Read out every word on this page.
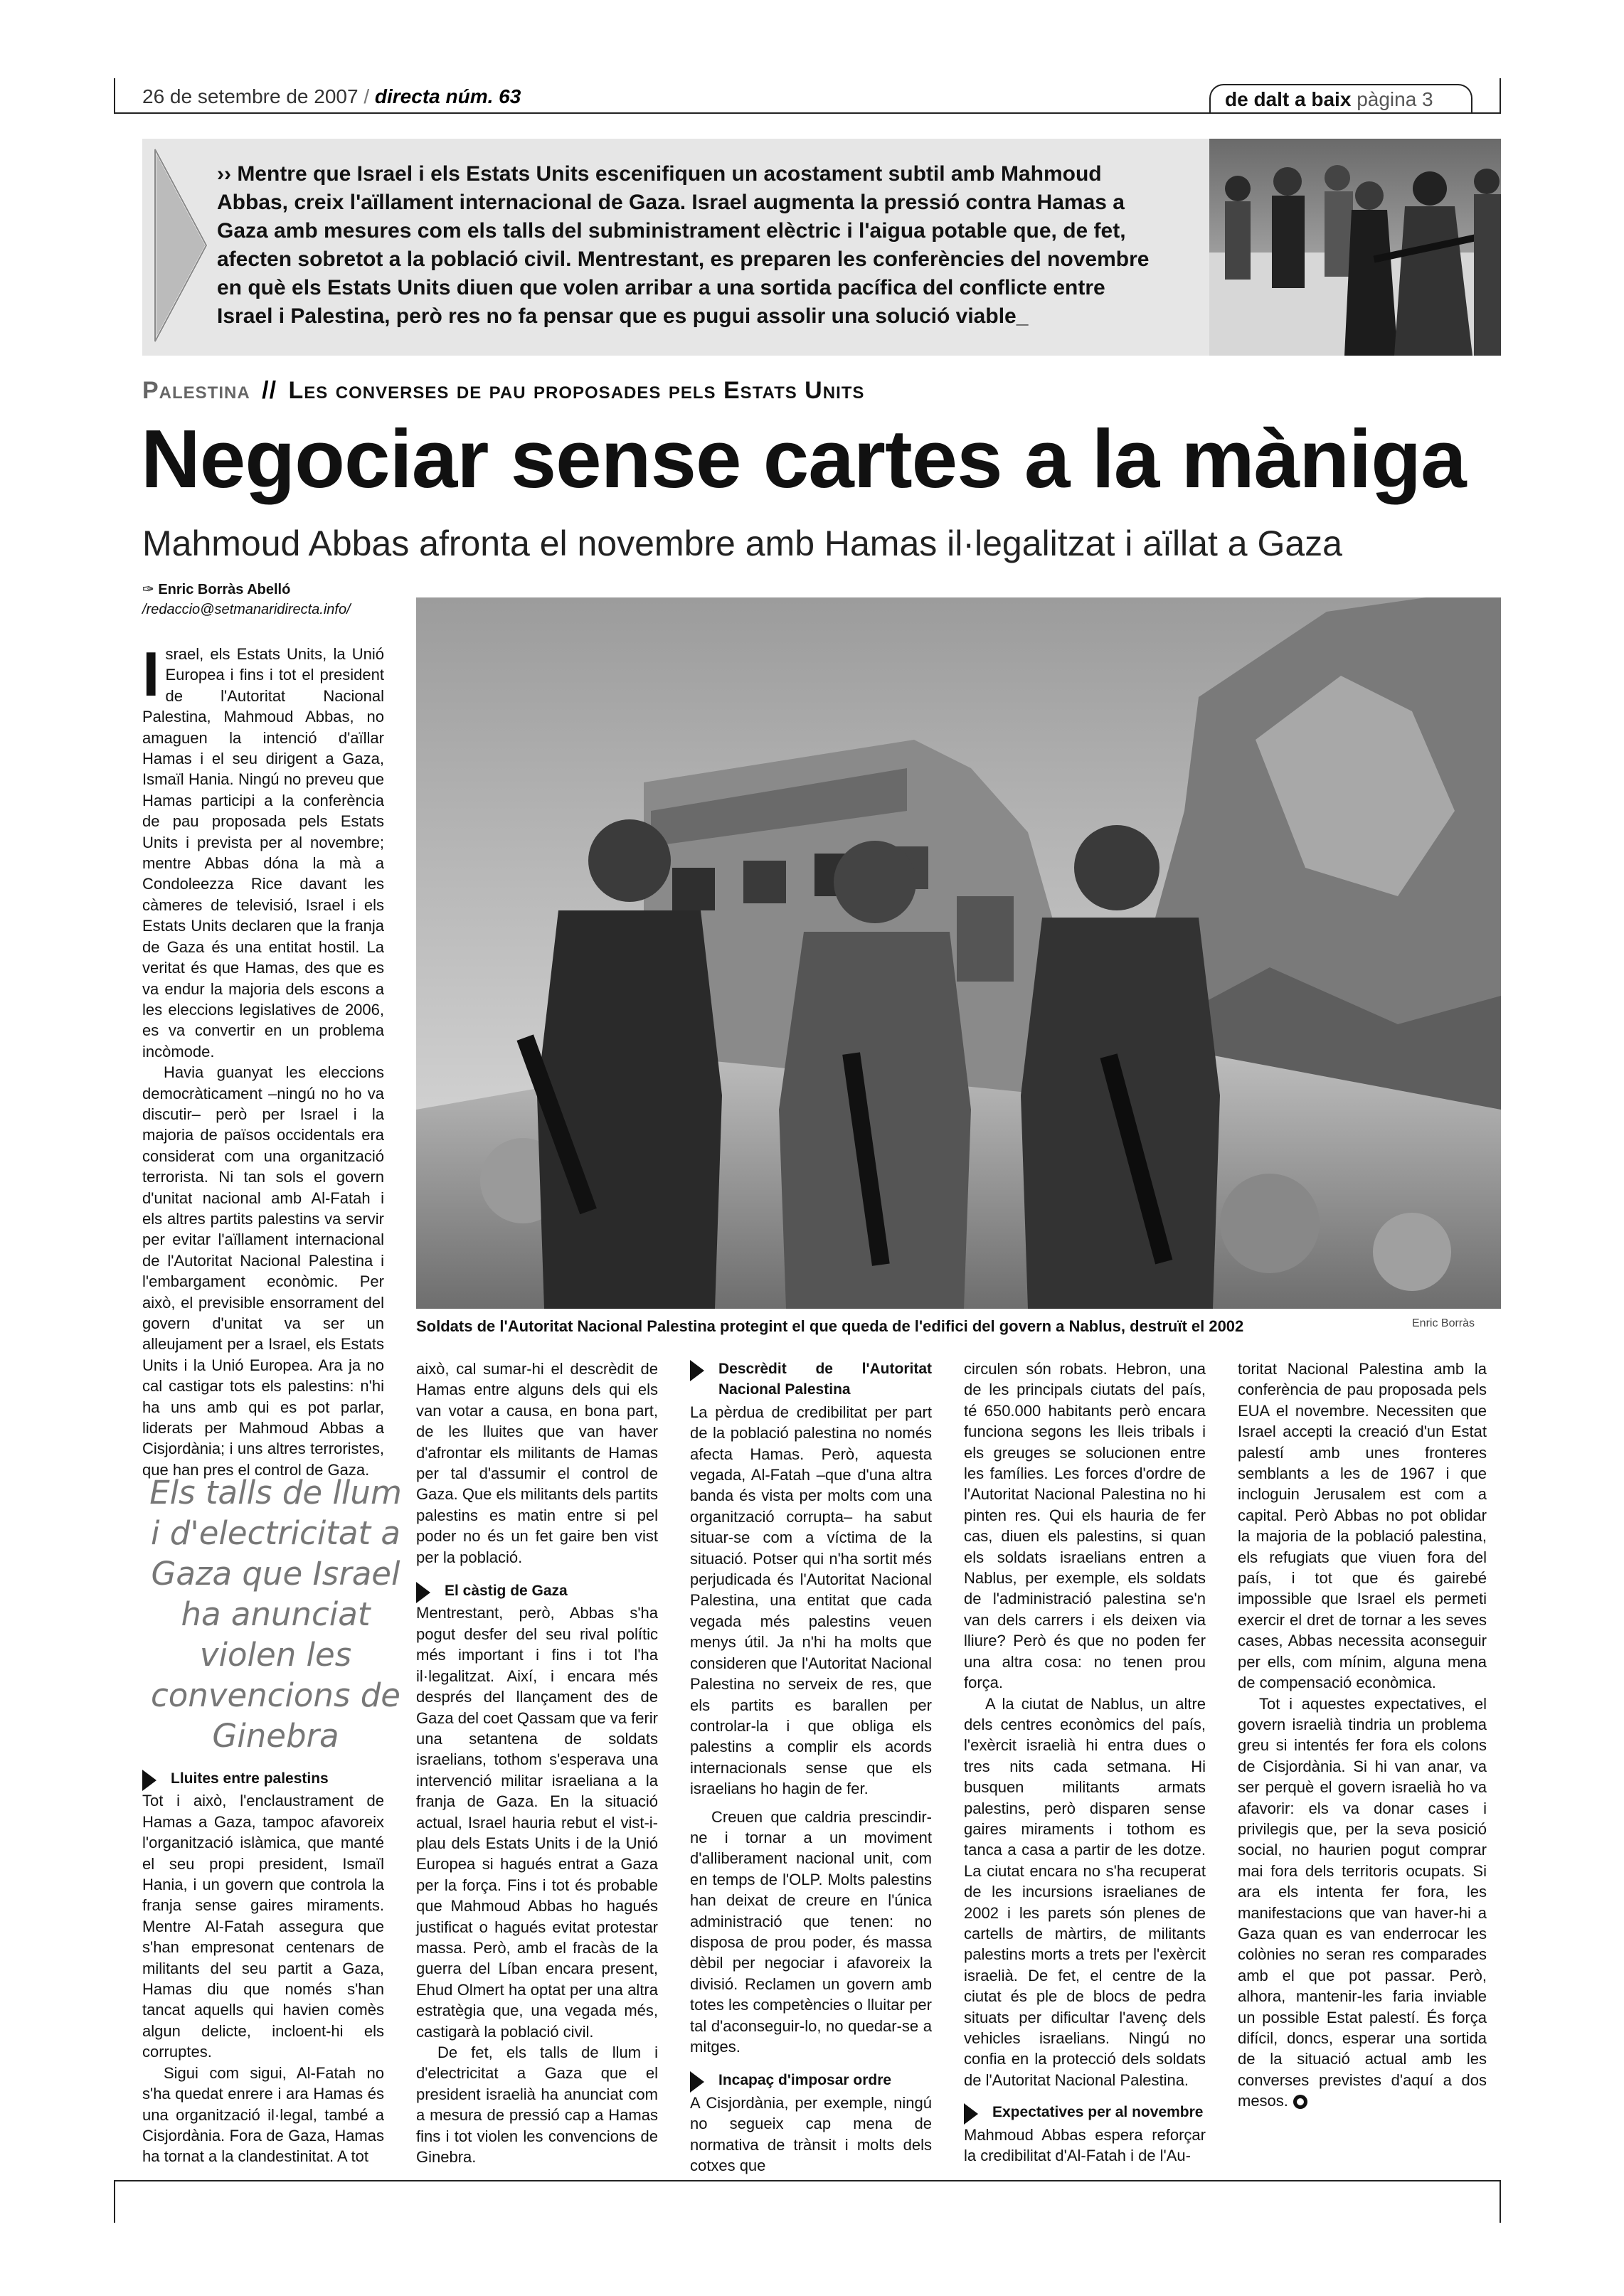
26 de setembre de 2007 / directa núm. 63	de dalt a baix pàgina 3
›› Mentre que Israel i els Estats Units escenifiquen un acostament subtil amb Mahmoud Abbas, creix l'aïllament internacional de Gaza. Israel augmenta la pressió contra Hamas a Gaza amb mesures com els talls del subministrament elèctric i l'aigua potable que, de fet, afecten sobretot a la població civil. Mentrestant, es preparen les conferències del novembre en què els Estats Units diuen que volen arribar a una sortida pacífica del conflicte entre Israel i Palestina, però res no fa pensar que es pugui assolir una solució viable_
Palestina // Les converses de pau proposades pels Estats Units
Negociar sense cartes a la màniga
Mahmoud Abbas afronta el novembre amb Hamas il·legalitzat i aïllat a Gaza
✑ Enric Borràs Abelló
/redaccio@setmanaridirecta.info/
Soldats de l'Autoritat Nacional Palestina protegint el que queda de l'edifici del govern a Nablus, destruït el 2002	Enric Borràs

Israel, els Estats Units, la Unió Europea i fins i tot el president de l'Autoritat Nacional Palestina, Mahmoud Abbas, no amaguen la intenció d'aïllar Hamas i el seu dirigent a Gaza, Ismaïl Hania. Ningú no preveu que Hamas participi a la conferència de pau proposada pels Estats Units i prevista per al novembre; mentre Abbas dóna la mà a Condoleezza Rice davant les càmeres de televisió, Israel i els Estats Units declaren que la franja de Gaza és una entitat hostil. La veritat és que Hamas, des que es va endur la majoria dels escons a les eleccions legislatives de 2006, es va convertir en un problema incòmode.

Havia guanyat les eleccions democràticament –ningú no ho va discutir– però per Israel i la majoria de països occidentals era considerat com una organització terrorista. Ni tan sols el govern d'unitat nacional amb Al-Fatah i els altres partits palestins va servir per evitar l'aïllament internacional de l'Autoritat Nacional Palestina i l'embargament econòmic. Per això, el previsible ensorrament del govern d'unitat va ser un alleujament per a Israel, els Estats Units i la Unió Europea. Ara ja no cal castigar tots els palestins: n'hi ha uns amb qui es pot parlar, liderats per Mahmoud Abbas a Cisjordània; i uns altres terroristes, que han pres el control de Gaza.

Els talls de llum i d'electricitat a Gaza que Israel ha anunciat violen les convencions de Ginebra
Lluites entre palestins

Tot i això, l'enclaustrament de Hamas a Gaza, tampoc afavoreix l'organització islàmica, que manté el seu propi president, Ismaïl Hania, i un govern que controla la franja sense gaires miraments. Mentre Al-Fatah assegura que s'han empresonat centenars de militants del seu partit a Gaza, Hamas diu que només s'han tancat aquells qui havien comès algun delicte, incloent-hi els corruptes.

Sigui com sigui, Al-Fatah no s'ha quedat enrere i ara Hamas és una organització il·legal, també a Cisjordània. Fora de Gaza, Hamas ha tornat a la clandestinitat. A tot

això, cal sumar-hi el descrèdit de Hamas entre alguns dels qui els van votar a causa, en bona part, de les lluites que van haver d'afrontar els militants de Hamas per tal d'assumir el control de Gaza. Que els militants dels partits palestins es matin entre si pel poder no és un fet gaire ben vist per la població.

El càstig de Gaza

Mentrestant, però, Abbas s'ha pogut desfer del seu rival polític més important i fins i tot l'ha il·legalitzat. Així, i encara més després del llançament des de Gaza del coet Qassam que va ferir una setantena de soldats israelians, tothom s'esperava una intervenció militar israeliana a la franja de Gaza. En la situació actual, Israel hauria rebut el vist-i-plau dels Estats Units i de la Unió Europea si hagués entrat a Gaza per la força. Fins i tot és probable que Mahmoud Abbas ho hagués justificat o hagués evitat protestar massa. Però, amb el fracàs de la guerra del Líban encara present, Ehud Olmert ha optat per una altra estratègia que, una vegada més, castigarà la població civil.

De fet, els talls de llum i d'electricitat a Gaza que el president israelià ha anunciat com a mesura de pressió cap a Hamas fins i tot violen les convencions de Ginebra.

Descrèdit de l'Autoritat Nacional Palestina

La pèrdua de credibilitat per part de la població palestina no només afecta Hamas. Però, aquesta vegada, Al-Fatah –que d'una altra banda és vista per molts com una organització corrupta– ha sabut situar-se com a víctima de la situació. Potser qui n'ha sortit més perjudicada és l'Autoritat Nacional Palestina, una entitat que cada vegada més palestins veuen menys útil. Ja n'hi ha molts que consideren que l'Autoritat Nacional Palestina no serveix de res, que els partits es barallen per controlar-la i que obliga els palestins a complir els acords internacionals sense que els israelians ho hagin de fer.

Creuen que caldria prescindir-ne i tornar a un moviment d'alliberament nacional unit, com en temps de l'OLP. Molts palestins han deixat de creure en l'única administració que tenen: no disposa de prou poder, és massa dèbil per negociar i afavoreix la divisió. Reclamen un govern amb totes les competències o lluitar per tal d'aconseguir-lo, no quedar-se a mitges.

Incapaç d'imposar ordre

A Cisjordània, per exemple, ningú no segueix cap mena de normativa de trànsit i molts dels cotxes que

circulen són robats. Hebron, una de les principals ciutats del país, té 650.000 habitants però encara funciona segons les lleis tribals i els greuges se solucionen entre les famílies. Les forces d'ordre de l'Autoritat Nacional Palestina no hi pinten res. Qui els hauria de fer cas, diuen els palestins, si quan els soldats israelians entren a Nablus, per exemple, els soldats de l'administració palestina se'n van dels carrers i els deixen via lliure? Però és que no poden fer una altra cosa: no tenen prou força.

A la ciutat de Nablus, un altre dels centres econòmics del país, l'exèrcit israelià hi entra dues o tres nits cada setmana. Hi busquen militants armats palestins, però disparen sense gaires miraments i tothom es tanca a casa a partir de les dotze. La ciutat encara no s'ha recuperat de les incursions israelianes de 2002 i les parets són plenes de cartells de màrtirs, de militants palestins morts a trets per l'exèrcit israelià. De fet, el centre de la ciutat és ple de blocs de pedra situats per dificultar l'avenç dels vehicles israelians. Ningú no confia en la protecció dels soldats de l'Autoritat Nacional Palestina.

Expectatives per al novembre

Mahmoud Abbas espera reforçar la credibilitat d'Al-Fatah i de l'Au-

toritat Nacional Palestina amb la conferència de pau proposada pels EUA el novembre. Necessiten que Israel accepti la creació d'un Estat palestí amb unes fronteres semblants a les de 1967 i que incloguin Jerusalem est com a capital. Però Abbas no pot oblidar la majoria de la població palestina, els refugiats que viuen fora del país, i tot que és gairebé impossible que Israel els permeti exercir el dret de tornar a les seves cases, Abbas necessita aconseguir per ells, com mínim, alguna mena de compensació econòmica.

Tot i aquestes expectatives, el govern israelià tindria un problema greu si intentés fer fora els colons de Cisjordània. Si hi van anar, va ser perquè el govern israelià ho va afavorir: els va donar cases i privilegis que, per la seva posició social, no haurien pogut comprar mai fora dels territoris ocupats. Si ara els intenta fer fora, les manifestacions que van haver-hi a Gaza quan es van enderrocar les colònies no seran res comparades amb el que pot passar. Però, alhora, mantenir-les faria inviable un possible Estat palestí. És força difícil, doncs, esperar una sortida de la situació actual amb les converses previstes d'aquí a dos mesos.
